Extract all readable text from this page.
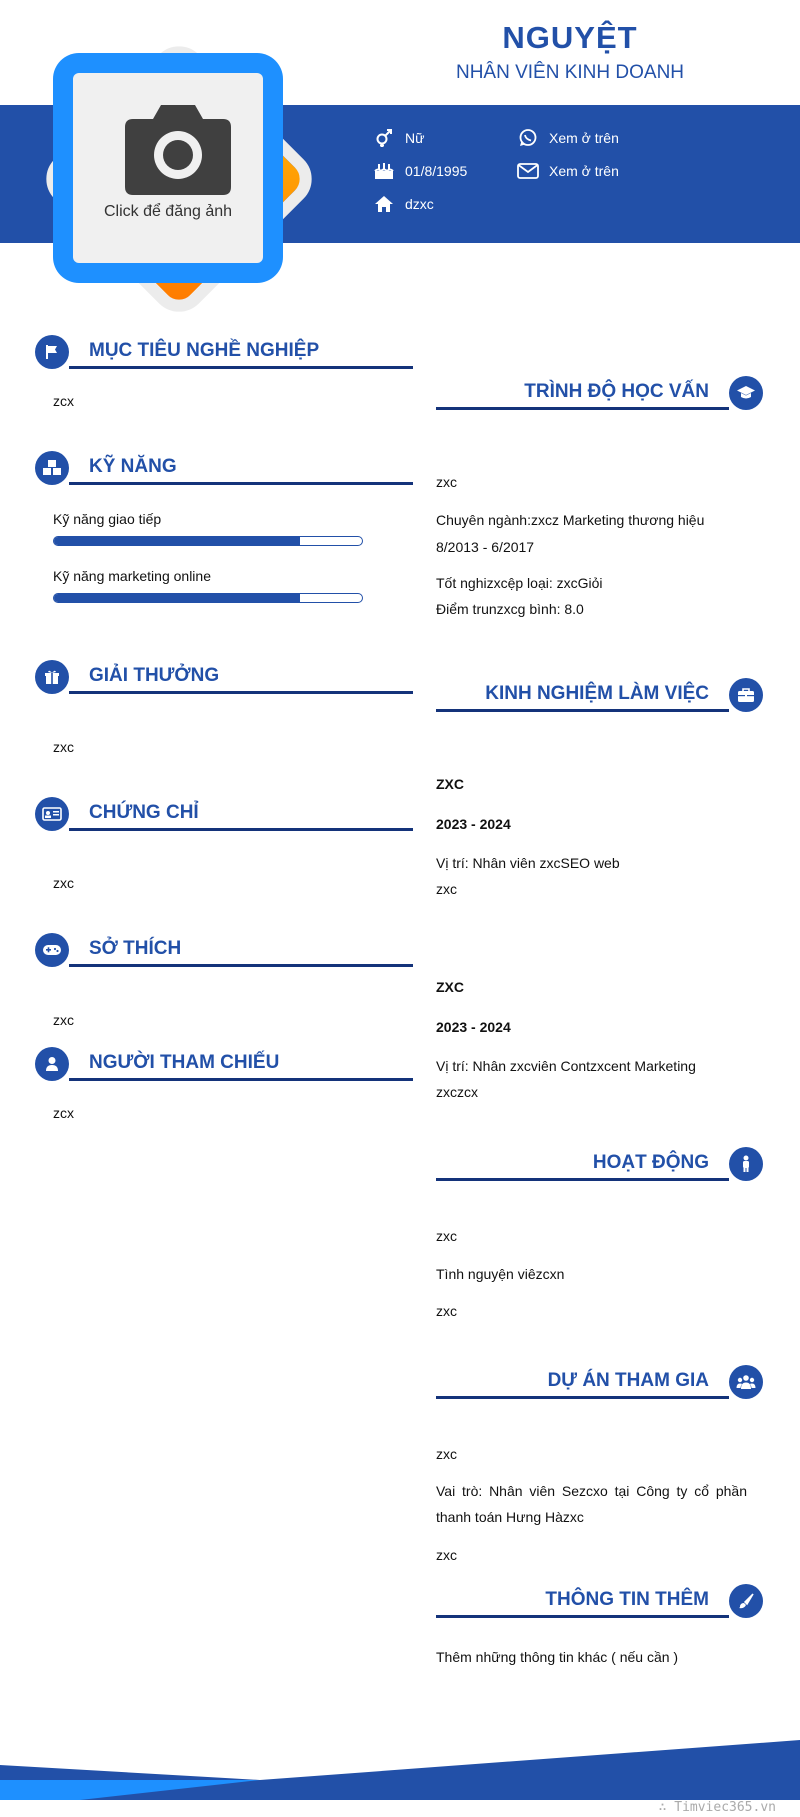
NGUYỆT
NHÂN VIÊN KINH DOANH
Nữ
01/8/1995
dzxc
Xem ở trên
Xem ở trên
Click để đăng ảnh
MỤC TIÊU NGHỀ NGHIỆP
zcx
KỸ NĂNG
Kỹ năng giao tiếp
Kỹ năng marketing online
GIẢI THƯỞNG
zxc
CHỨNG CHỈ
zxc
SỞ THÍCH
zxc
NGƯỜI THAM CHIẾU
zcx
TRÌNH ĐỘ HỌC VẤN
zxc
Chuyên ngành:zxcz Marketing thương hiệu
8/2013 - 6/2017
Tốt nghizxcệp loại: zxcGiỏi
Điểm trunzxcg bình: 8.0
KINH NGHIỆM LÀM VIỆC
ZXC
2023 - 2024
Vị trí: Nhân viên zxcSEO web
zxc
ZXC
2023 - 2024
Vị trí: Nhân zxcviên Contzxcent Marketing
zxczcx
HOẠT ĐỘNG
zxc
Tình nguyện viêzcxn
zxc
DỰ ÁN THAM GIA
zxc
Vai trò: Nhân viên Sezcxo tại Công ty cổ phần thanh toán Hưng Hàzxc
zxc
THÔNG TIN THÊM
Thêm những thông tin khác ( nếu cần )
∴ Timviec365.vn
